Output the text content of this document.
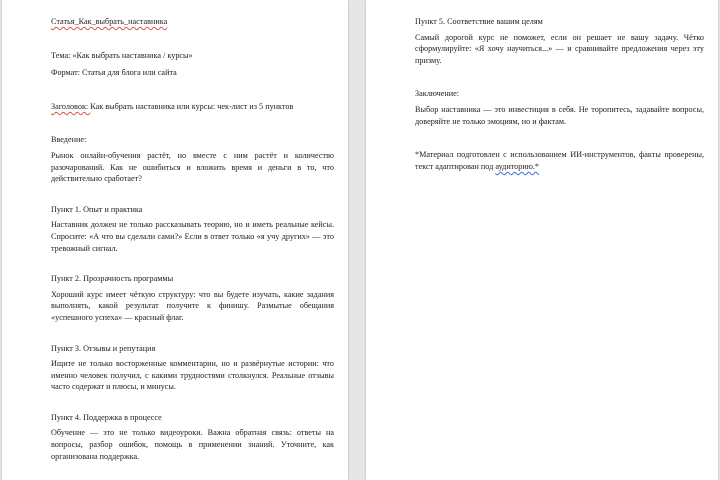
Статья_Как_выбрать_наставника

Тема: «Как выбрать наставника / курсы»

Формат: Статья для блога или сайта

Заголовок: Как выбрать наставника или курсы: чек-лист из 5 пунктов

Введение:

Рынок онлайн-обучения растёт, но вместе с ним растёт и количество разочарований. Как не ошибиться и вложить время и деньги в то, что действительно сработает?

Пункт 1. Опыт и практика

Наставник должен не только рассказывать теорию, но и иметь реальные кейсы. Спросите: «А что вы сделали сами?» Если в ответ только «я учу других» — это тревожный сигнал.

Пункт 2. Прозрачность программы

Хороший курс имеет чёткую структуру: что вы будете изучать, какие задания выполнять, какой результат получите к финишу. Размытые обещания «успешного успеха» — красный флаг.

Пункт 3. Отзывы и репутация

Ищите не только восторженные комментарии, но и развёрнутые истории: что именно человек получил, с какими трудностями столкнулся. Реальные отзывы часто содержат и плюсы, и минусы.

Пункт 4. Поддержка в процессе

Обучение — это не только видеоуроки. Важна обратная связь: ответы на вопросы, разбор ошибок, помощь в применении знаний. Уточните, как организована поддержка.

Пункт 5. Соответствие вашим целям

Самый дорогой курс не поможет, если он решает не вашу задачу. Чётко сформулируйте: «Я хочу научиться...» — и сравнивайте предложения через эту призму.

Заключение:

Выбор наставника — это инвестиция в себя. Не торопитесь, задавайте вопросы, доверяйте не только эмоциям, но и фактам.

*Материал подготовлен с использованием ИИ-инструментов, факты проверены, текст адаптирован под аудиторию.*
